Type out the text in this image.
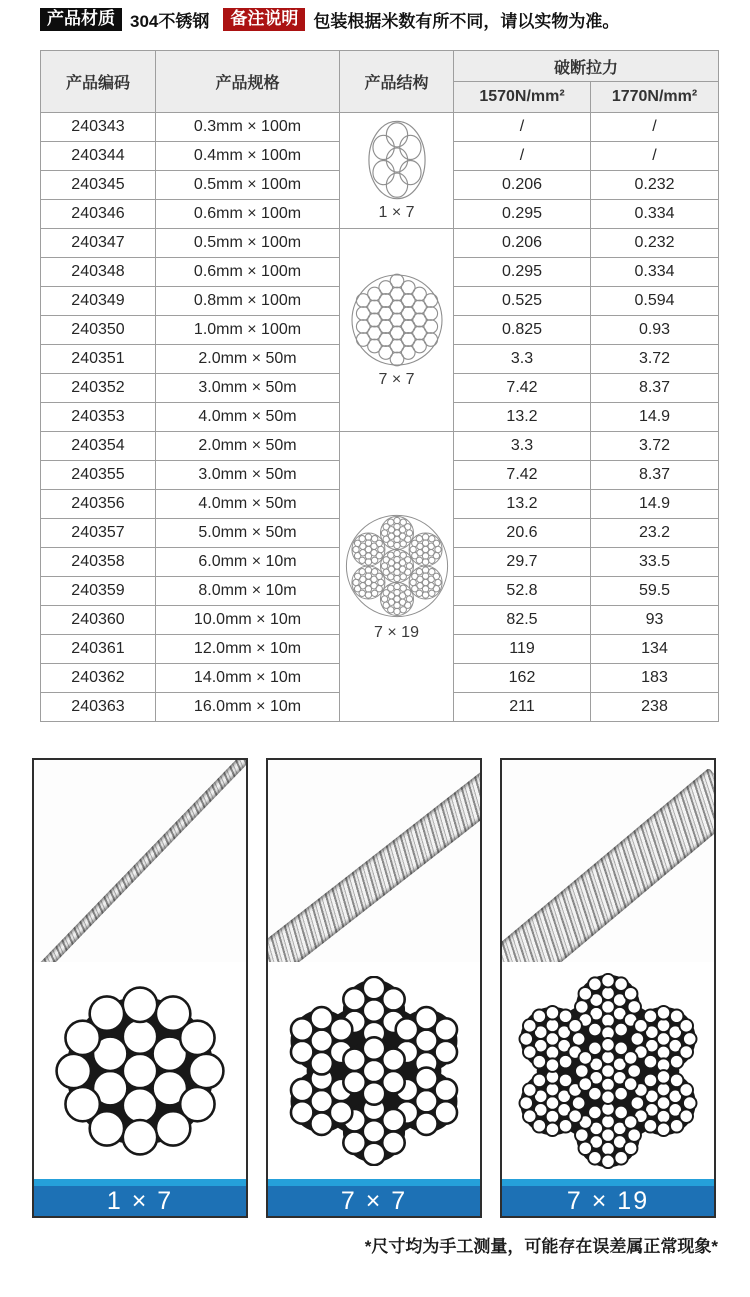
产品材质 304不锈钢	备注说明 包装根据米数有所不同，请以实物为准。
产品编码	产品规格	产品结构	破断拉力	
			1570N/mm²	1770N/mm²
240343	0.3mm × 100m	1 × 7	/	/
240344	0.4mm × 100m		/	/
240345	0.5mm × 100m		0.206	0.232
240346	0.6mm × 100m		0.295	0.334
240347	0.5mm × 100m	7 × 7	0.206	0.232
240348	0.6mm × 100m		0.295	0.334
240349	0.8mm × 100m		0.525	0.594
240350	1.0mm × 100m		0.825	0.93
240351	2.0mm × 50m		3.3	3.72
240352	3.0mm × 50m		7.42	8.37
240353	4.0mm × 50m		13.2	14.9
240354	2.0mm × 50m	7 × 19	3.3	3.72
240355	3.0mm × 50m		7.42	8.37
240356	4.0mm × 50m		13.2	14.9
240357	5.0mm × 50m		20.6	23.2
240358	6.0mm × 10m		29.7	33.5
240359	8.0mm × 10m		52.8	59.5
240360	10.0mm × 10m		82.5	93
240361	12.0mm × 10m		119	134
240362	14.0mm × 10m		162	183
240363	16.0mm × 10m		211	238
1 × 7	7 × 7	7 × 19
*尺寸均为手工测量，可能存在误差属正常现象*
